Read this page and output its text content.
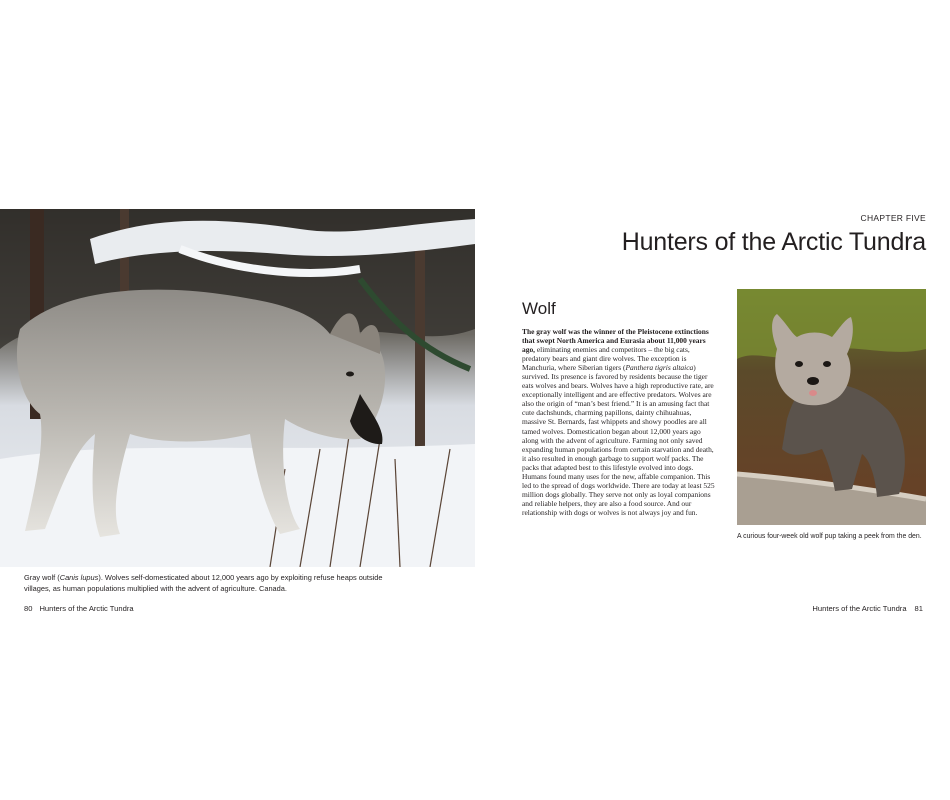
Gray wolf (Canis lupus). Wolves self-domesticated about 12,000 years ago by exploiting refuse heaps outside villages, as human populations multiplied with the advent of agriculture. Canada.
80 Hunters of the Arctic Tundra
CHAPTER FIVE
Hunters of the Arctic Tundra
Wolf
The gray wolf was the winner of the Pleistocene extinctions that swept North America and Eurasia about 11,000 years ago, eliminating enemies and competitors – the big cats, predatory bears and giant dire wolves. The exception is Manchuria, where Siberian tigers (Panthera tigris altaica) survived. Its presence is favored by residents because the tiger eats wolves and bears. Wolves have a high reproductive rate, are exceptionally intelligent and are effective predators. Wolves are also the origin of “man’s best friend.” It is an amusing fact that cute dachshunds, charming papillons, dainty chihuahuas, massive St. Bernards, fast whippets and showy poodles are all tamed wolves. Domestication began about 12,000 years ago along with the advent of agriculture. Farming not only saved expanding human populations from certain starvation and death, it also resulted in enough garbage to support wolf packs. The packs that adapted best to this lifestyle evolved into dogs. Humans found many uses for the new, affable companion. This led to the spread of dogs worldwide. There are today at least 525 million dogs globally. They serve not only as loyal companions and reliable helpers, they are also a food source. And our relationship with dogs or wolves is not always joy and fun.
A curious four-week old wolf pup taking a peek from the den.
Hunters of the Arctic Tundra 81
